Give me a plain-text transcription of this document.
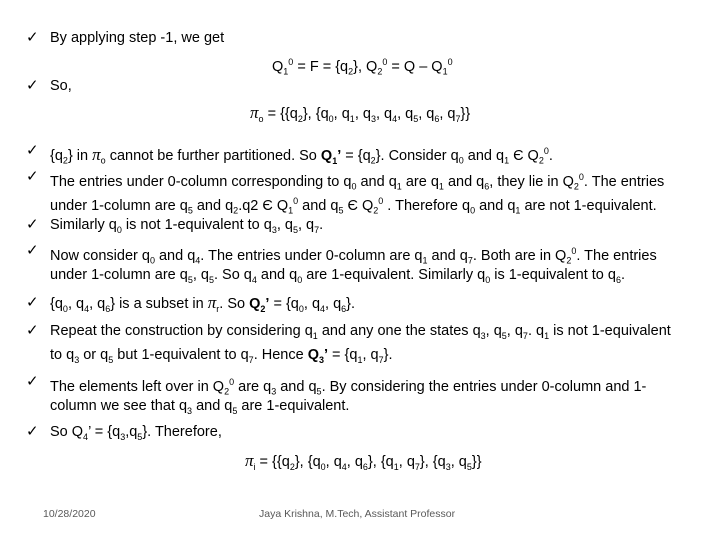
✓ By applying step -1, we get
$Q_1^0 = F = \{q_2\}$, $Q_2^0 = Q - Q_1^0$
✓ So,
$\pi_o = \{\{q_2\}$, {$q_0$, $q_1$, $q_3$, $q_4$, $q_5$, $q_6$, $q_7$}}
✓ $\{q_2\}$ in $\pi_o$ cannot be further partitioned. So $Q_1$’ = $\{q_2\}$. Consider $q_0$ and $q_1$ Є $Q_2^0$.
✓ The entries under 0-column corresponding to $q_0$ and $q_1$ are $q_1$ and $q_6$, they lie in $Q_2^0$. The entries
under 1-column are $q_5$ and $q_2.q2$ Є $Q_1^0$ and $q_5$ Є $Q_2^0$ . Therefore $q_0$ and $q_1$ are not 1-equivalent.
✓ Similarly $q_0$ is not 1-equivalent to $q_3$, $q_5$, $q_7$.
✓ Now consider $q_0$ and $q_4$. The entries under 0-column are $q_1$ and $q_7$. Both are in $Q_2^0$. The entries
under 1-column are $q_5$, $q_5$. So $q_4$ and $q_0$ are 1-equivalent. Similarly $q_0$ is 1-equivalent to $q_6$.
✓ {$q_0$, $q_4$, $q_6$} is a subset in $\pi_r$. So $Q_2$’ = {$q_0$, $q_4$, $q_6$}.
✓ Repeat the construction by considering $q_1$ and any one the states $q_3$, $q_5$, $q_7$. $q_1$ is not 1-equivalent
to $q_3$ or $q_5$ but 1-equivalent to $q_7$. Hence $Q_3$’ = {$q_1$, $q_7$}.
✓ The elements left over in $Q_2^0$ are $q_3$ and $q_5$. By considering the entries under 0-column and 1-
column we see that $q_3$ and $q_5$ are 1-equivalent.
✓ So $Q_4$’ = $\{q_3,q_5\}$. Therefore,
$\pi_i = \{\{q_2\}$, {$q_0$, $q_4$, $q_6$}, {$q_1$, $q_7$}, {$q_3$, $q_5$}}
10/28/2020	Jaya Krishna, M.Tech, Assistant Professor
